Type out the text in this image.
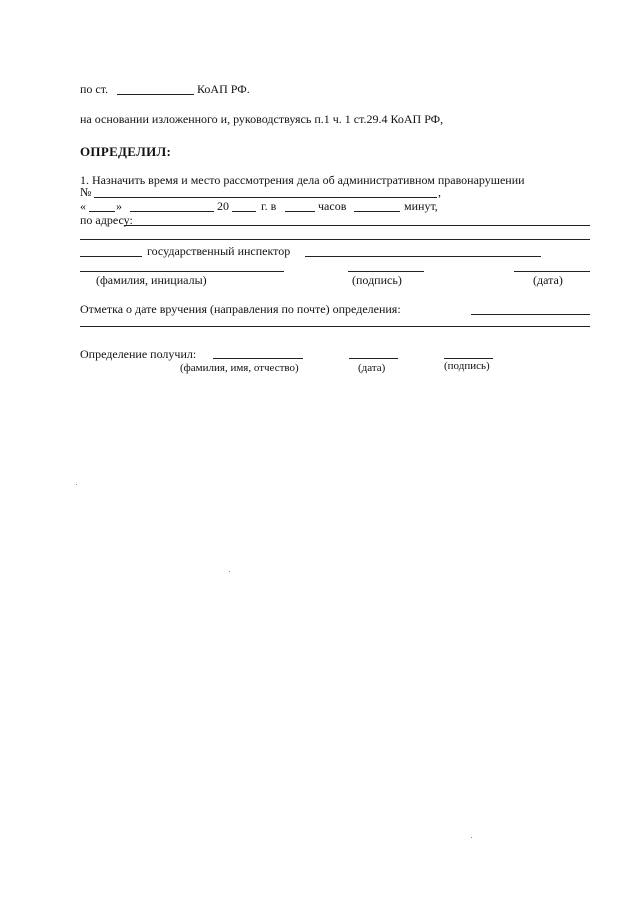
по ст.	КоАП РФ.
на основании изложенного и, руководствуясь п.1 ч. 1 ст.29.4 КоАП РФ,
ОПРЕДЕЛИЛ:
1. Назначить время и место рассмотрения дела об административном правонарушении
№	,
«	»	20	г. в	часов	минут,
по адресу:
государственный инспектор
(фамилия, инициалы)	(подпись)	(дата)
Отметка о дате вручения (направления по почте) определения:
Определение получил:
(фамилия, имя, отчество)	(дата)	(подпись)
